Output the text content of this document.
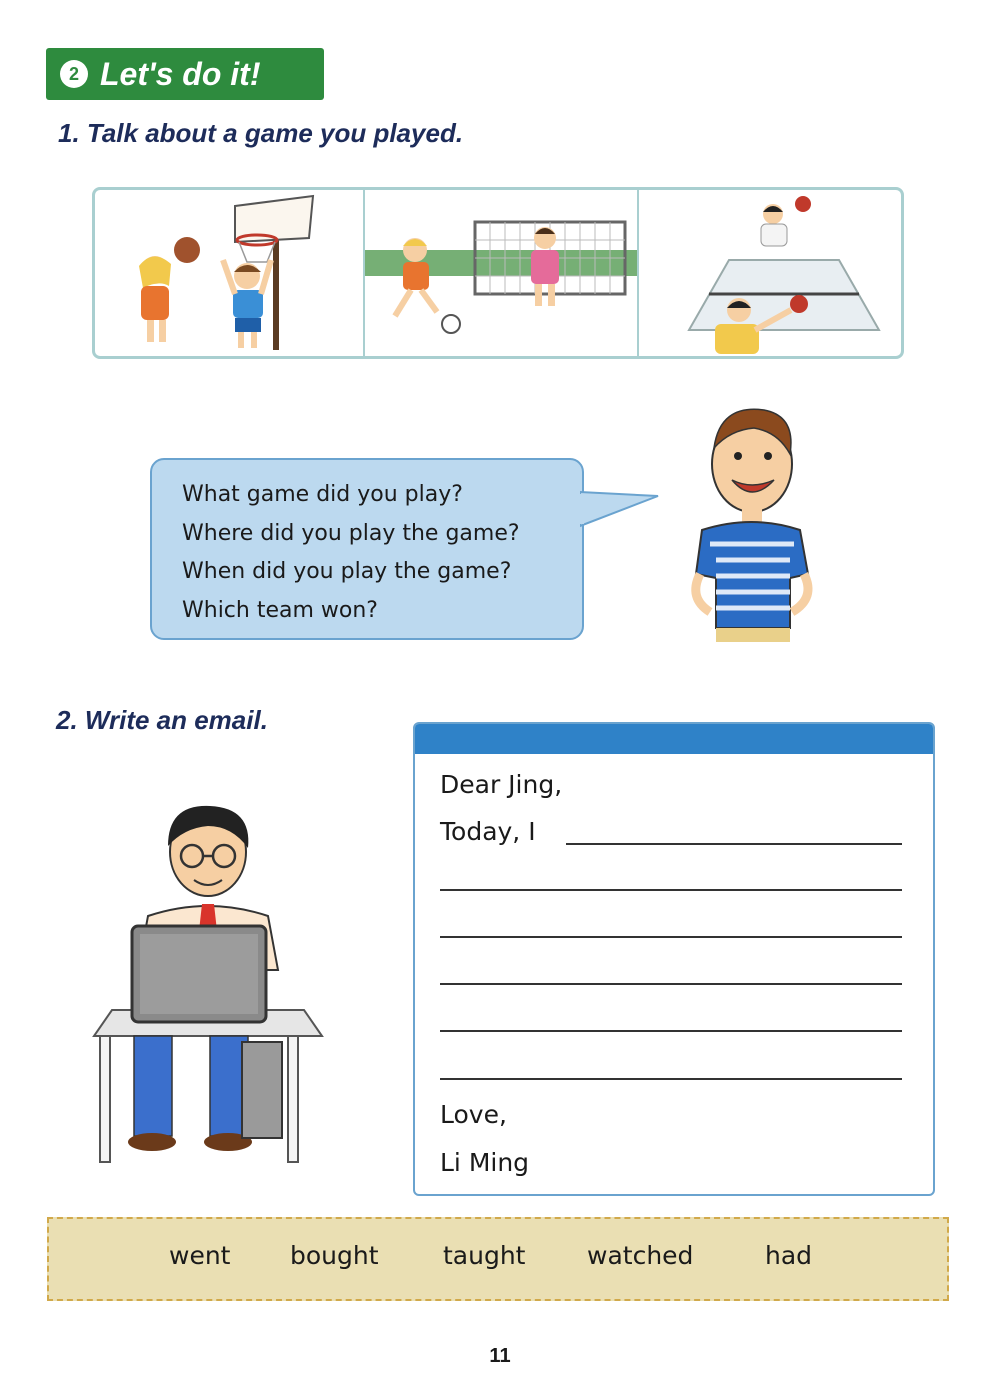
2 Let's do it!
1. Talk about a game you played.
What game did you play?
Where did you play the game?
When did you play the game?
Which team won?
2. Write an email.
Dear Jing,
Today, I
Love,
Li Ming
went bought	taught watched	had
11
